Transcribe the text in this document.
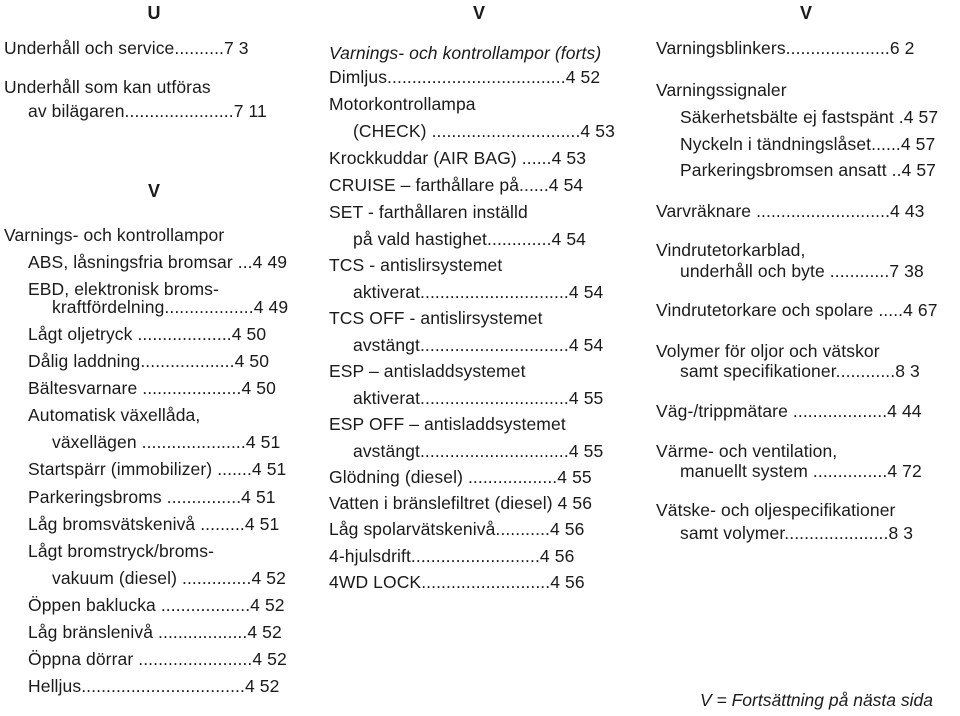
U
Underhåll och service..........7 3
Underhåll som kan utföras
av bilägaren......................7 11
V
Varnings- och kontrollampor
ABS, låsningsfria bromsar ...4 49
EBD, elektronisk broms-
kraftfördelning..................4 49
Lågt oljetryck ...................4 50
Dålig laddning...................4 50
Bältesvarnare ....................4 50
Automatisk växellåda,
växellägen .....................4 51
Startspärr (immobilizer) .......4 51
Parkeringsbroms ...............4 51
Låg bromsvätskenivå .........4 51
Lågt bromstryck/broms-
vakuum (diesel) ..............4 52
Öppen baklucka ..................4 52
Låg bränslenivå ..................4 52
Öppna dörrar .......................4 52
Helljus.................................4 52
V
Varnings- och kontrollampor (forts)
Dimljus....................................4 52
Motorkontrollampa
(CHECK) ..............................4 53
Krockkuddar (AIR BAG) ......4 53
CRUISE – farthållare på......4 54
SET - farthållaren inställd
på vald hastighet.............4 54
TCS - antislirsystemet
aktiverat..............................4 54
TCS OFF - antislirsystemet
avstängt..............................4 54
ESP – antisladdsystemet
aktiverat..............................4 55
ESP OFF – antisladdsystemet
avstängt..............................4 55
Glödning (diesel) ..................4 55
Vatten i bränslefiltret (diesel) 4 56
Låg spolarvätskenivå...........4 56
4-hjulsdrift..........................4 56
4WD LOCK..........................4 56
V
Varningsblinkers.....................6 2
Varningssignaler
Säkerhetsbälte ej fastspänt .4 57
Nyckeln i tändningslåset......4 57
Parkeringsbromsen ansatt ..4 57
Varvräknare ...........................4 43
Vindrutetorkarblad,
underhåll och byte ............7 38
Vindrutetorkare och spolare .....4 67
Volymer för oljor och vätskor
samt specifikationer............8 3
Väg-/trippmätare ...................4 44
Värme- och ventilation,
manuellt system ...............4 72
Vätske- och oljespecifikationer
samt volymer.....................8 3
V = Fortsättning på nästa sida
